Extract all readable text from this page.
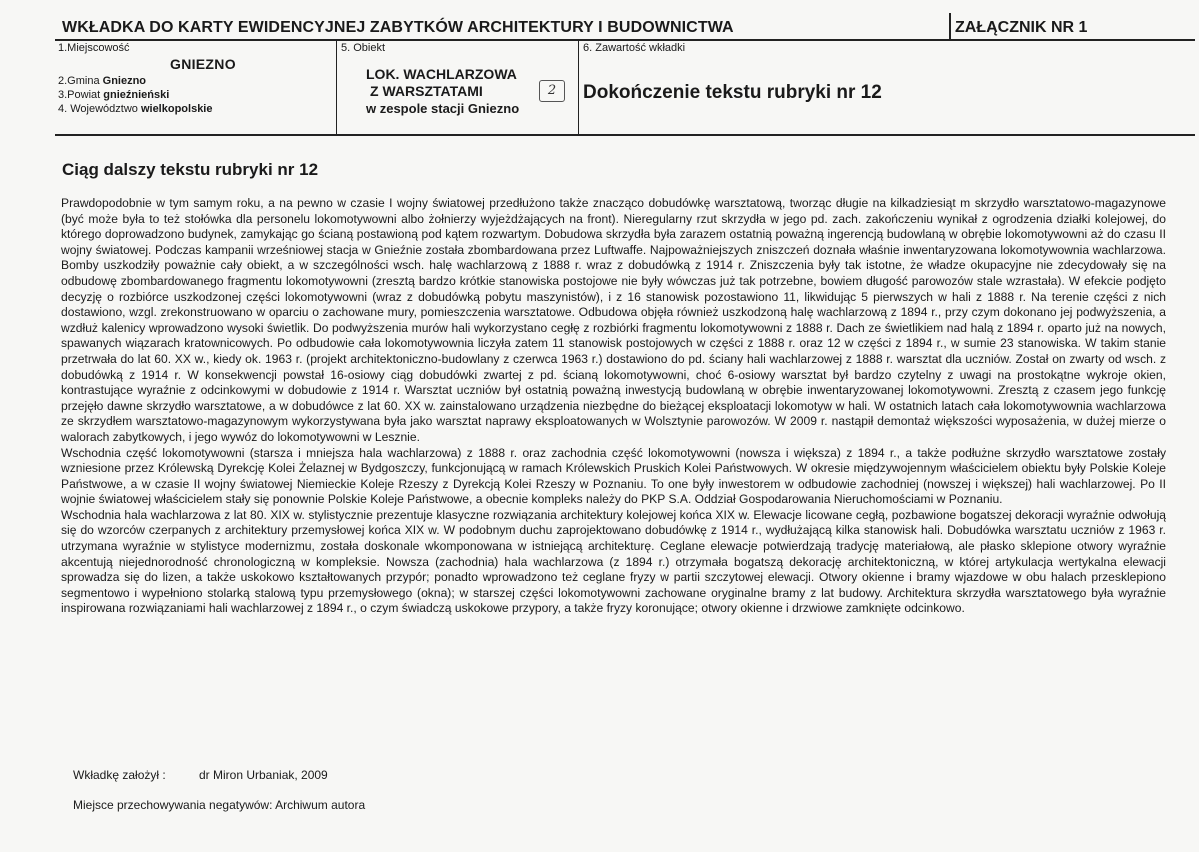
WKŁADKA DO KARTY EWIDENCYJNEJ ZABYTKÓW ARCHITEKTURY I BUDOWNICTWA	ZAŁĄCZNIK NR 1
1.Miejscowość
GNIEZNO
2.Gmina Gniezno
3.Powiat gnieźnieński
4. Województwo wielkopolskie
5. Obiekt
LOK. WACHLARZOWA
Z WARSZTATAMI	2
w zespole stacji Gniezno
6. Zawartość wkładki
Dokończenie tekstu rubryki nr 12
Ciąg dalszy tekstu rubryki nr 12

Prawdopodobnie w tym samym roku, a na pewno w czasie I wojny światowej przedłużono także znacząco dobudówkę warsztatową, tworząc długie na kilkadziesiąt m skrzydło warsztatowo-magazynowe (być może była to też stołówka dla personelu lokomotywowni albo żołnierzy wyjeżdżających na front). Nieregularny rzut skrzydła w jego pd. zach. zakończeniu wynikał z ogrodzenia działki kolejowej, do którego doprowadzono budynek, zamykając go ścianą postawioną pod kątem rozwartym. Dobudowa skrzydła była zarazem ostatnią poważną ingerencją budowlaną w obrębie lokomotywowni aż do czasu II wojny światowej. Podczas kampanii wrześniowej stacja w Gnieźnie została zbombardowana przez Luftwaffe. Najpoważniejszych zniszczeń doznała właśnie inwentaryzowana lokomotywownia wachlarzowa. Bomby uszkodziły poważnie cały obiekt, a w szczególności wsch. halę wachlarzową z 1888 r. wraz z dobudówką z 1914 r. Zniszczenia były tak istotne, że władze okupacyjne nie zdecydowały się na odbudowę zbombardowanego fragmentu lokomotywowni (zresztą bardzo krótkie stanowiska postojowe nie były wówczas już tak potrzebne, bowiem długość parowozów stale wzrastała). W efekcie podjęto decyzję o rozbiórce uszkodzonej części lokomotywowni (wraz z dobudówką pobytu maszynistów), i z 16 stanowisk pozostawiono 11, likwidując 5 pierwszych w hali z 1888 r. Na terenie części z nich dostawiono, wzgl. zrekonstruowano w oparciu o zachowane mury, pomieszczenia warsztatowe. Odbudowa objęła również uszkodzoną halę wachlarzową z 1894 r., przy czym dokonano jej podwyższenia, a wzdłuż kalenicy wprowadzono wysoki świetlik. Do podwyższenia murów hali wykorzystano cegłę z rozbiórki fragmentu lokomotywowni z 1888 r. Dach ze świetlikiem nad halą z 1894 r. oparto już na nowych, spawanych wiązarach kratownicowych. Po odbudowie cała lokomotywownia liczyła zatem 11 stanowisk postojowych w części z 1888 r. oraz 12 w części z 1894 r., w sumie 23 stanowiska. W takim stanie przetrwała do lat 60. XX w., kiedy ok. 1963 r. (projekt architektoniczno-budowlany z czerwca 1963 r.) dostawiono do pd. ściany hali wachlarzowej z 1888 r. warsztat dla uczniów. Został on zwarty od wsch. z dobudówką z 1914 r. W konsekwencji powstał 16-osiowy ciąg dobudówki zwartej z pd. ścianą lokomotywowni, choć 6-osiowy warsztat był bardzo czytelny z uwagi na prostokątne wykroje okien, kontrastujące wyraźnie z odcinkowymi w dobudowie z 1914 r. Warsztat uczniów był ostatnią poważną inwestycją budowlaną w obrębie inwentaryzowanej lokomotywowni. Zresztą z czasem jego funkcję przejęło dawne skrzydło warsztatowe, a w dobudówce z lat 60. XX w. zainstalowano urządzenia niezbędne do bieżącej eksploatacji lokomotyw w hali. W ostatnich latach cała lokomotywownia wachlarzowa ze skrzydłem warsztatowo-magazynowym wykorzystywana była jako warsztat naprawy eksploatowanych w Wolsztynie parowozów. W 2009 r. nastąpił demontaż większości wyposażenia, w dużej mierze o walorach zabytkowych, i jego wywóz do lokomotywowni w Lesznie.

Wschodnia część lokomotywowni (starsza i mniejsza hala wachlarzowa) z 1888 r. oraz zachodnia część lokomotywowni (nowsza i większa) z 1894 r., a także podłużne skrzydło warsztatowe zostały wzniesione przez Królewską Dyrekcję Kolei Żelaznej w Bydgoszczy, funkcjonującą w ramach Królewskich Pruskich Kolei Państwowych. W okresie międzywojennym właścicielem obiektu były Polskie Koleje Państwowe, a w czasie II wojny światowej Niemieckie Koleje Rzeszy z Dyrekcją Kolei Rzeszy w Poznaniu. To one były inwestorem w odbudowie zachodniej (nowszej i większej) hali wachlarzowej. Po II wojnie światowej właścicielem stały się ponownie Polskie Koleje Państwowe, a obecnie kompleks należy do PKP S.A. Oddział Gospodarowania Nieruchomościami w Poznaniu.

Wschodnia hala wachlarzowa z lat 80. XIX w. stylistycznie prezentuje klasyczne rozwiązania architektury kolejowej końca XIX w. Elewacje licowane cegłą, pozbawione bogatszej dekoracji wyraźnie odwołują się do wzorców czerpanych z architektury przemysłowej końca XIX w. W podobnym duchu zaprojektowano dobudówkę z 1914 r., wydłużającą kilka stanowisk hali. Dobudówka warsztatu uczniów z 1963 r. utrzymana wyraźnie w stylistyce modernizmu, została doskonale wkomponowana w istniejącą architekturę. Ceglane elewacje potwierdzają tradycję materiałową, ale płasko sklepione otwory wyraźnie akcentują niejednorodność chronologiczną w kompleksie. Nowsza (zachodnia) hala wachlarzowa (z 1894 r.) otrzymała bogatszą dekorację architektoniczną, w której artykulacja wertykalna elewacji sprowadza się do lizen, a także uskokowo kształtowanych przypór; ponadto wprowadzono też ceglane fryzy w partii szczytowej elewacji. Otwory okienne i bramy wjazdowe w obu halach przesklepiono segmentowo i wypełniono stolarką stalową typu przemysłowego (okna); w starszej części lokomotywowni zachowane oryginalne bramy z lat budowy. Architektura skrzydła warsztatowego była wyraźnie inspirowana rozwiązaniami hali wachlarzowej z 1894 r., o czym świadczą uskokowe przypory, a także fryzy koronujące; otwory okienne i drzwiowe zamknięte odcinkowo.

Wkładkę założył :	dr Miron Urbaniak, 2009
Miejsce przechowywania negatywów: Archiwum autora
